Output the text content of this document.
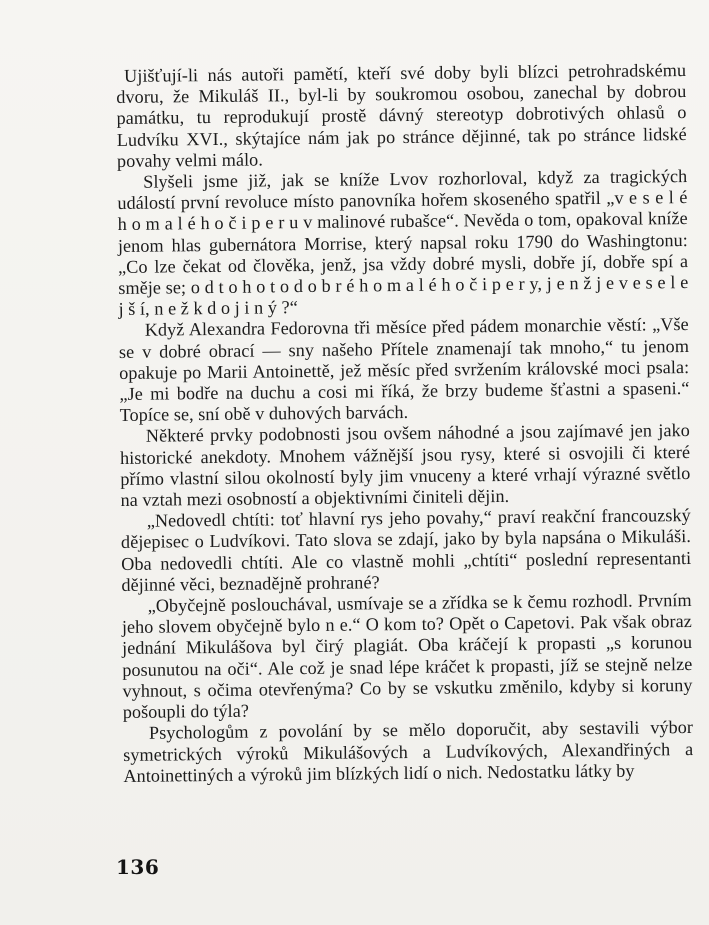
Ujišťují-li nás autoři pamětí, kteří své doby byli blízci petrohradskému dvoru, že Mikuláš II., byl-li by soukromou osobou, zanechal by dobrou památku, tu reprodukují prostě dávný stereotyp dobrotivých ohlasů o Ludvíku XVI., skýtajíce nám jak po stránce dějinné, tak po stránce lidské povahy velmi málo.

Slyšeli jsme již, jak se kníže Lvov rozhorloval, když za tragických událostí první revoluce místo panovníka hořem skoseného spatřil „v e s e l é h o m a l é h o č i p e r u v malinové rubašce“. Nevěda o tom, opakoval kníže jenom hlas gubernátora Morrise, který napsal roku 1790 do Washingtonu: „Co lze čekat od člověka, jenž, jsa vždy dobré mysli, dobře jí, dobře spí a směje se; o d t o h o t o d o b r é h o m a l é h o č i p e r y, j e n ž j e v e s e l e j š í, n e ž k d o j i n ý ?“

Když Alexandra Fedorovna tři měsíce před pádem monarchie věstí: „Vše se v dobré obrací — sny našeho Přítele znamenají tak mnoho,“ tu jenom opakuje po Marii Antoinettě, jež měsíc před svržením královské moci psala: „Je mi bodře na duchu a cosi mi říká, že brzy budeme šťastni a spaseni.“ Topíce se, sní obě v duhových barvách.

Některé prvky podobnosti jsou ovšem náhodné a jsou zajímavé jen jako historické anekdoty. Mnohem vážnější jsou rysy, které si osvojili či které přímo vlastní silou okolností byly jim vnuceny a které vrhají výrazné světlo na vztah mezi osobností a objektivními činiteli dějin.

„Nedovedl chtíti: toť hlavní rys jeho povahy,“ praví reakční francouzský dějepisec o Ludvíkovi. Tato slova se zdají, jako by byla napsána o Mikuláši. Oba nedovedli chtíti. Ale co vlastně mohli „chtíti“ poslední representanti dějinné věci, beznadějně prohrané?

„Obyčejně poslouchával, usmívaje se a zřídka se k čemu rozhodl. Prvním jeho slovem obyčejně bylo n e.“ O kom to? Opět o Capetovi. Pak však obraz jednání Mikulášova byl čirý plagiát. Oba kráčejí k propasti „s korunou posunutou na oči“. Ale což je snad lépe kráčet k propasti, jíž se stejně nelze vyhnout, s očima otevřenýma? Co by se vskutku změnilo, kdyby si koruny pošoupli do týla?

Psychologům z povolání by se mělo doporučit, aby sestavili výbor symetrických výroků Mikulášových a Ludvíkových, Alexandřiných a Antoinettiných a výroků jim blízkých lidí o nich. Nedostatku látky by

136
